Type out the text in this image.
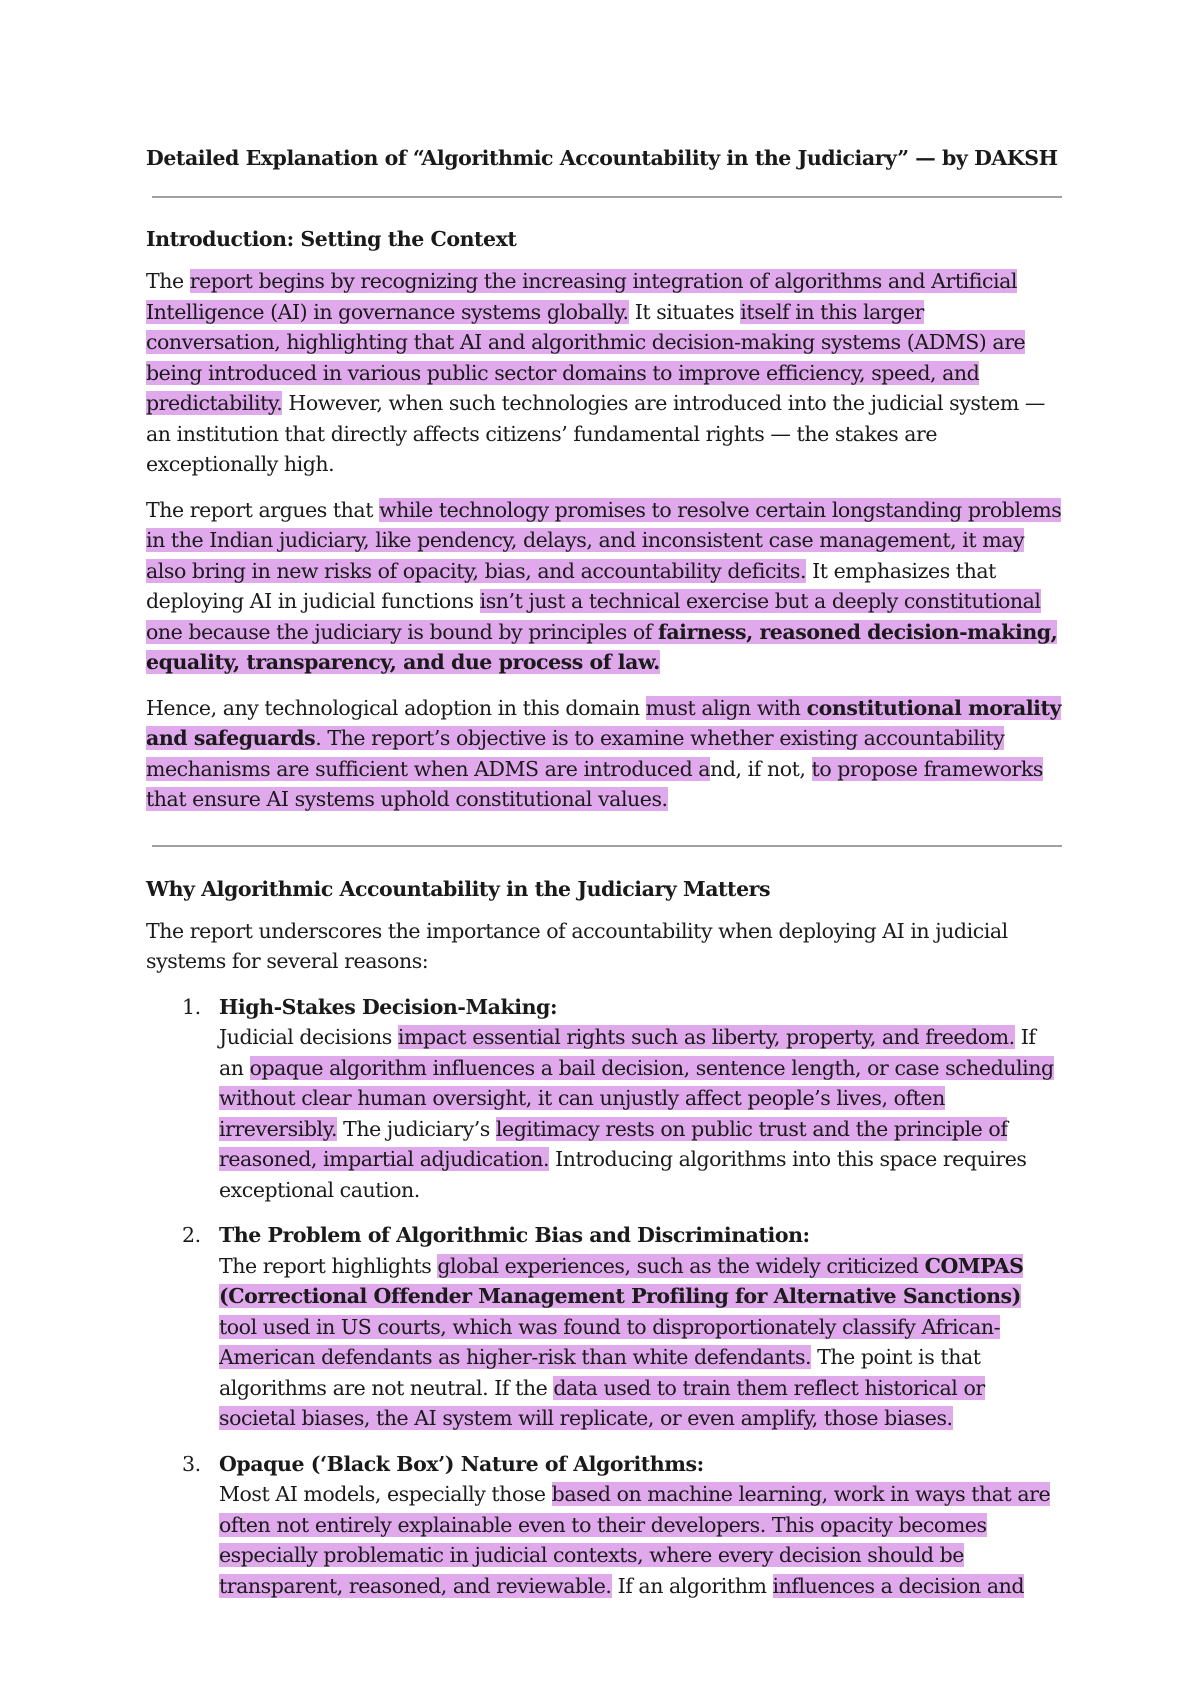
Detailed Explanation of “Algorithmic Accountability in the Judiciary” — by DAKSH
Introduction: Setting the Context

The report begins by recognizing the increasing integration of algorithms and Artificial Intelligence (AI) in governance systems globally. It situates itself in this larger conversation, highlighting that AI and algorithmic decision-making systems (ADMS) are being introduced in various public sector domains to improve efficiency, speed, and predictability. However, when such technologies are introduced into the judicial system — an institution that directly affects citizens’ fundamental rights — the stakes are exceptionally high.

The report argues that while technology promises to resolve certain longstanding problems in the Indian judiciary, like pendency, delays, and inconsistent case management, it may also bring in new risks of opacity, bias, and accountability deficits. It emphasizes that deploying AI in judicial functions isn’t just a technical exercise but a deeply constitutional one because the judiciary is bound by principles of fairness, reasoned decision-making, equality, transparency, and due process of law.

Hence, any technological adoption in this domain must align with constitutional morality and safeguards. The report’s objective is to examine whether existing accountability mechanisms are sufficient when ADMS are introduced and, if not, to propose frameworks that ensure AI systems uphold constitutional values.

Why Algorithmic Accountability in the Judiciary Matters

The report underscores the importance of accountability when deploying AI in judicial systems for several reasons:

1. High-Stakes Decision-Making:
Judicial decisions impact essential rights such as liberty, property, and freedom. If an opaque algorithm influences a bail decision, sentence length, or case scheduling without clear human oversight, it can unjustly affect people’s lives, often irreversibly. The judiciary’s legitimacy rests on public trust and the principle of reasoned, impartial adjudication. Introducing algorithms into this space requires exceptional caution.
2. The Problem of Algorithmic Bias and Discrimination:
The report highlights global experiences, such as the widely criticized COMPAS (Correctional Offender Management Profiling for Alternative Sanctions) tool used in US courts, which was found to disproportionately classify African-American defendants as higher-risk than white defendants. The point is that algorithms are not neutral. If the data used to train them reflect historical or societal biases, the AI system will replicate, or even amplify, those biases.
3. Opaque (‘Black Box’) Nature of Algorithms:
Most AI models, especially those based on machine learning, work in ways that are often not entirely explainable even to their developers. This opacity becomes especially problematic in judicial contexts, where every decision should be transparent, reasoned, and reviewable. If an algorithm influences a decision and
